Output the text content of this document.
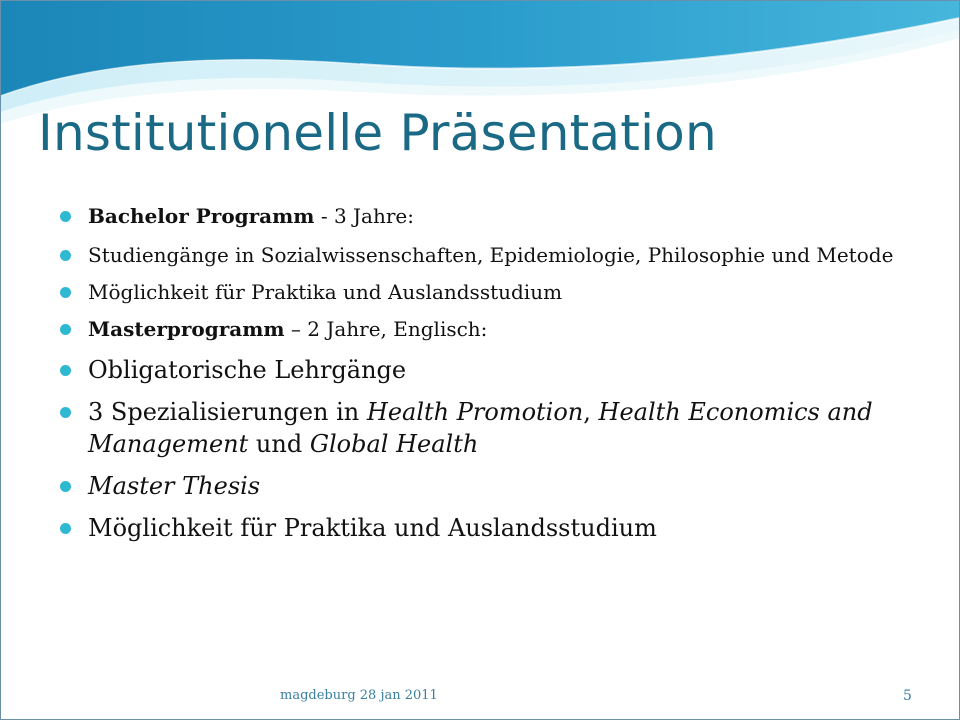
Institutionelle Präsentation
Bachelor Programm - 3 Jahre:
Studiengänge in Sozialwissenschaften, Epidemiologie, Philosophie und Metode
Möglichkeit für Praktika und Auslandsstudium
Masterprogramm – 2 Jahre, Englisch:
Obligatorische Lehrgänge
3 Spezialisierungen in Health Promotion, Health Economics and Management und Global Health
Master Thesis
Möglichkeit für Praktika und Auslandsstudium
magdeburg 28 jan 2011	5
